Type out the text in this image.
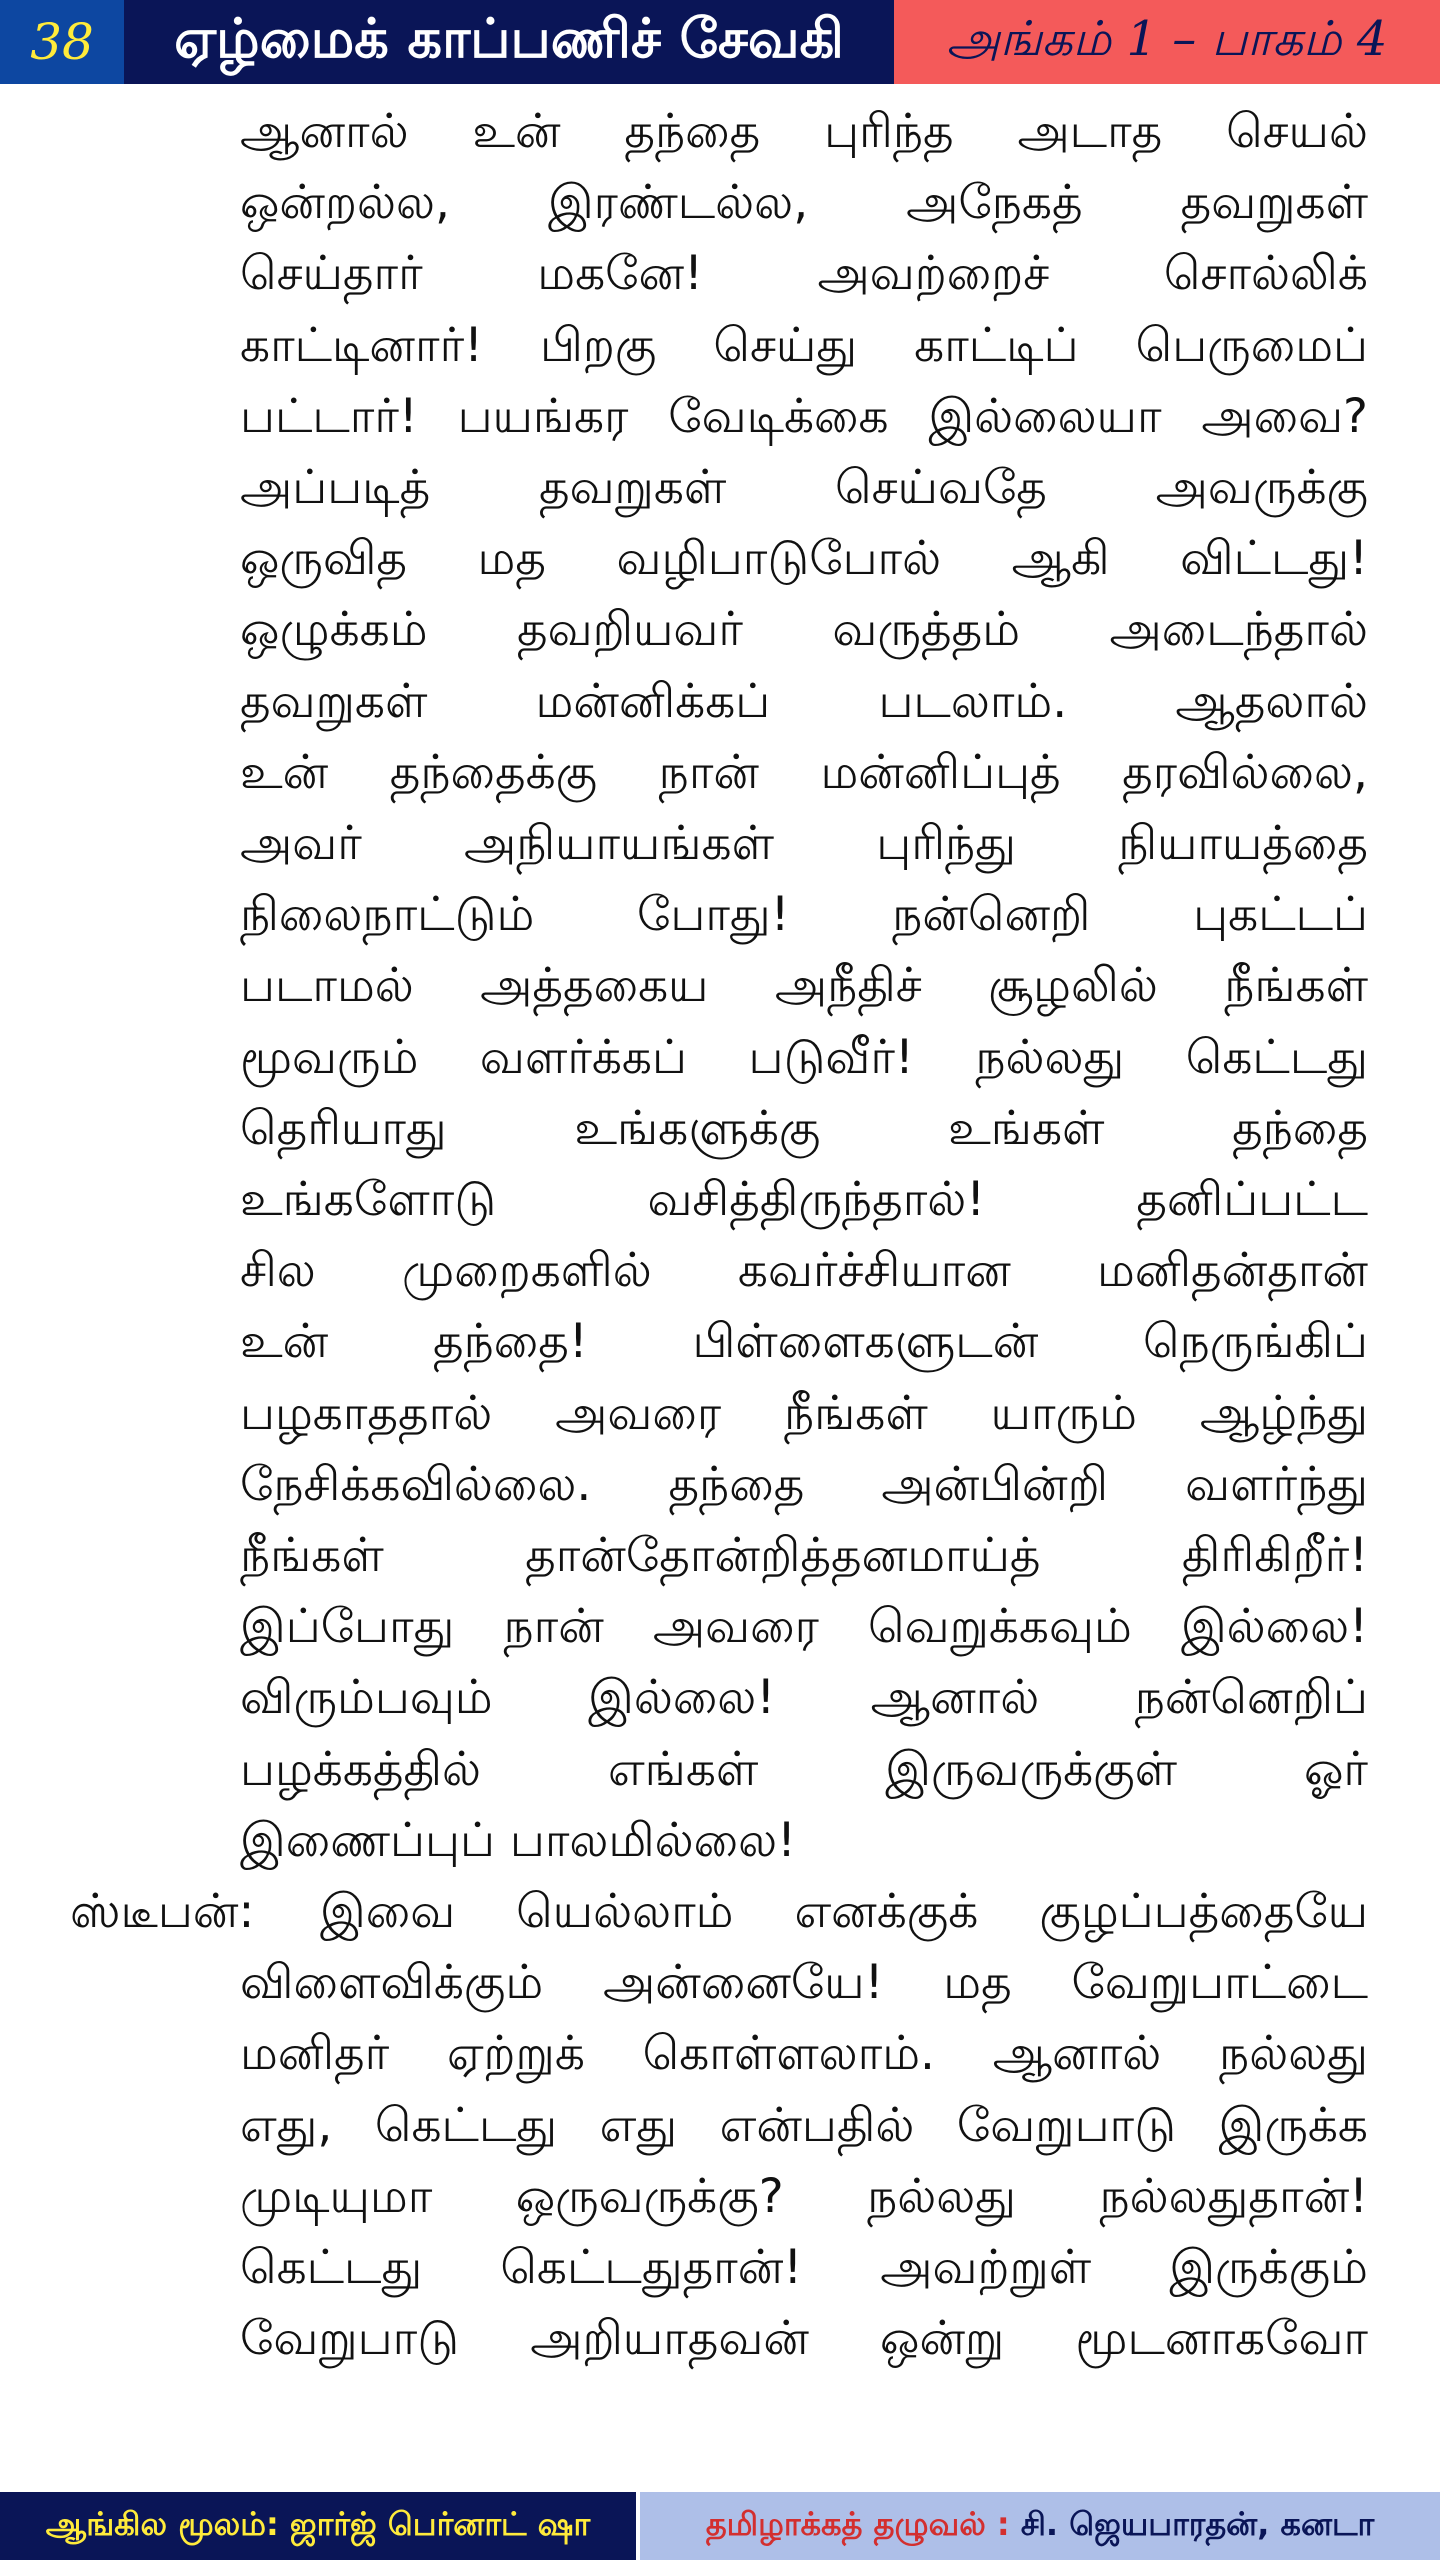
38	ஏழ்மைக் காப்பணிச் சேவகி	அங்கம் 1 – பாகம் 4
ஆனால் உன் தந்தை புரிந்த அடாத செயல்
ஒன்றல்ல, இரண்டல்ல, அநேகத் தவறுகள்
செய்தார் மகனே! அவற்றைச் சொல்லிக்
காட்டினார்! பிறகு செய்து காட்டிப் பெருமைப்
பட்டார்! பயங்கர வேடிக்கை இல்லையா அவை?
அப்படித் தவறுகள் செய்வதே அவருக்கு
ஒருவித மத வழிபாடுபோல் ஆகி விட்டது!
ஒழுக்கம் தவறியவர் வருத்தம் அடைந்தால்
தவறுகள் மன்னிக்கப் படலாம். ஆதலால்
உன் தந்தைக்கு நான் மன்னிப்புத் தரவில்லை,
அவர் அநியாயங்கள் புரிந்து நியாயத்தை
நிலைநாட்டும் போது! நன்னெறி புகட்டப்
படாமல் அத்தகைய அநீதிச் சூழலில் நீங்கள்
மூவரும் வளர்க்கப் படுவீர்! நல்லது கெட்டது
தெரியாது உங்களுக்கு உங்கள் தந்தை
உங்களோடு வசித்திருந்தால்! தனிப்பட்ட
சில முறைகளில் கவர்ச்சியான மனிதன்தான்
உன் தந்தை! பிள்ளைகளுடன் நெருங்கிப்
பழகாததால் அவரை நீங்கள் யாரும் ஆழ்ந்து
நேசிக்கவில்லை. தந்தை அன்பின்றி வளர்ந்து
நீங்கள் தான்தோன்றித்தனமாய்த் திரிகிறீர்!
இப்போது நான் அவரை வெறுக்கவும் இல்லை!
விரும்பவும் இல்லை! ஆனால் நன்னெறிப்
பழக்கத்தில் எங்கள் இருவருக்குள் ஓர்
இணைப்புப் பாலமில்லை!
ஸ்டீபன்: இவை யெல்லாம் எனக்குக் குழப்பத்தையே
விளைவிக்கும் அன்னையே! மத வேறுபாட்டை
மனிதர் ஏற்றுக் கொள்ளலாம். ஆனால் நல்லது
எது, கெட்டது எது என்பதில் வேறுபாடு இருக்க
முடியுமா ஒருவருக்கு? நல்லது நல்லதுதான்!
கெட்டது கெட்டதுதான்! அவற்றுள் இருக்கும்
வேறுபாடு அறியாதவன் ஒன்று மூடனாகவோ
ஆங்கில மூலம்: ஜார்ஜ் பெர்னாட் ஷா	தமிழாக்கத் தழுவல் :
சி. ஜெயபாரதன், கனடா
